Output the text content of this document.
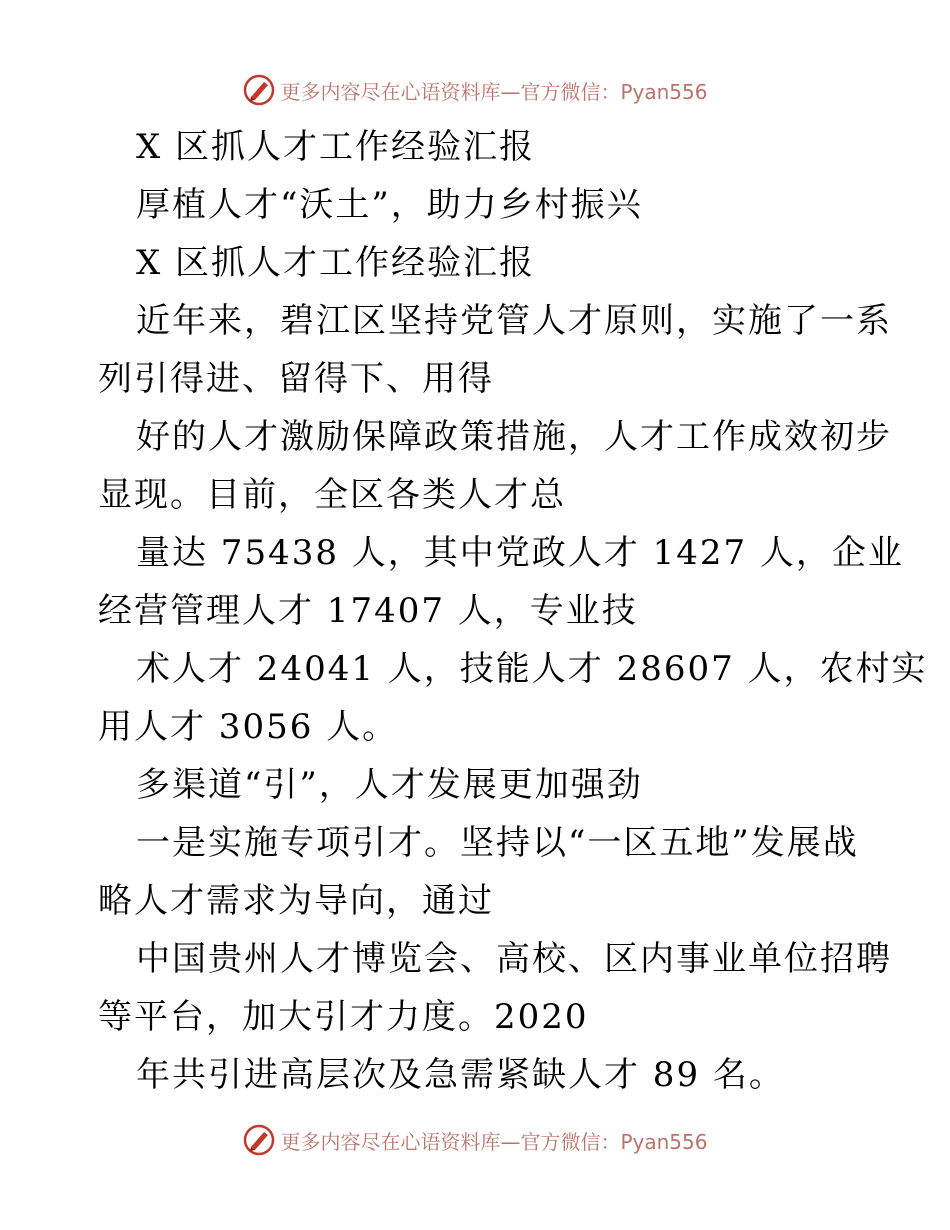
更多内容尽在心语资料库—官方微信：Pyan556
X 区抓人才工作经验汇报
厚植人才“沃土”，助力乡村振兴
X 区抓人才工作经验汇报
近年来，碧江区坚持党管人才原则，实施了一系
列引得进、留得下、用得
好的人才激励保障政策措施，人才工作成效初步
显现。目前，全区各类人才总
量达 75438 人，其中党政人才 1427 人，企业
经营管理人才 17407 人，专业技
术人才 24041 人，技能人才 28607 人，农村实
用人才 3056 人。
多渠道“引”，人才发展更加强劲
一是实施专项引才。坚持以“一区五地”发展战
略人才需求为导向，通过
中国贵州人才博览会、高校、区内事业单位招聘
等平台，加大引才力度。2020
年共引进高层次及急需紧缺人才 89 名。
更多内容尽在心语资料库—官方微信：Pyan556
